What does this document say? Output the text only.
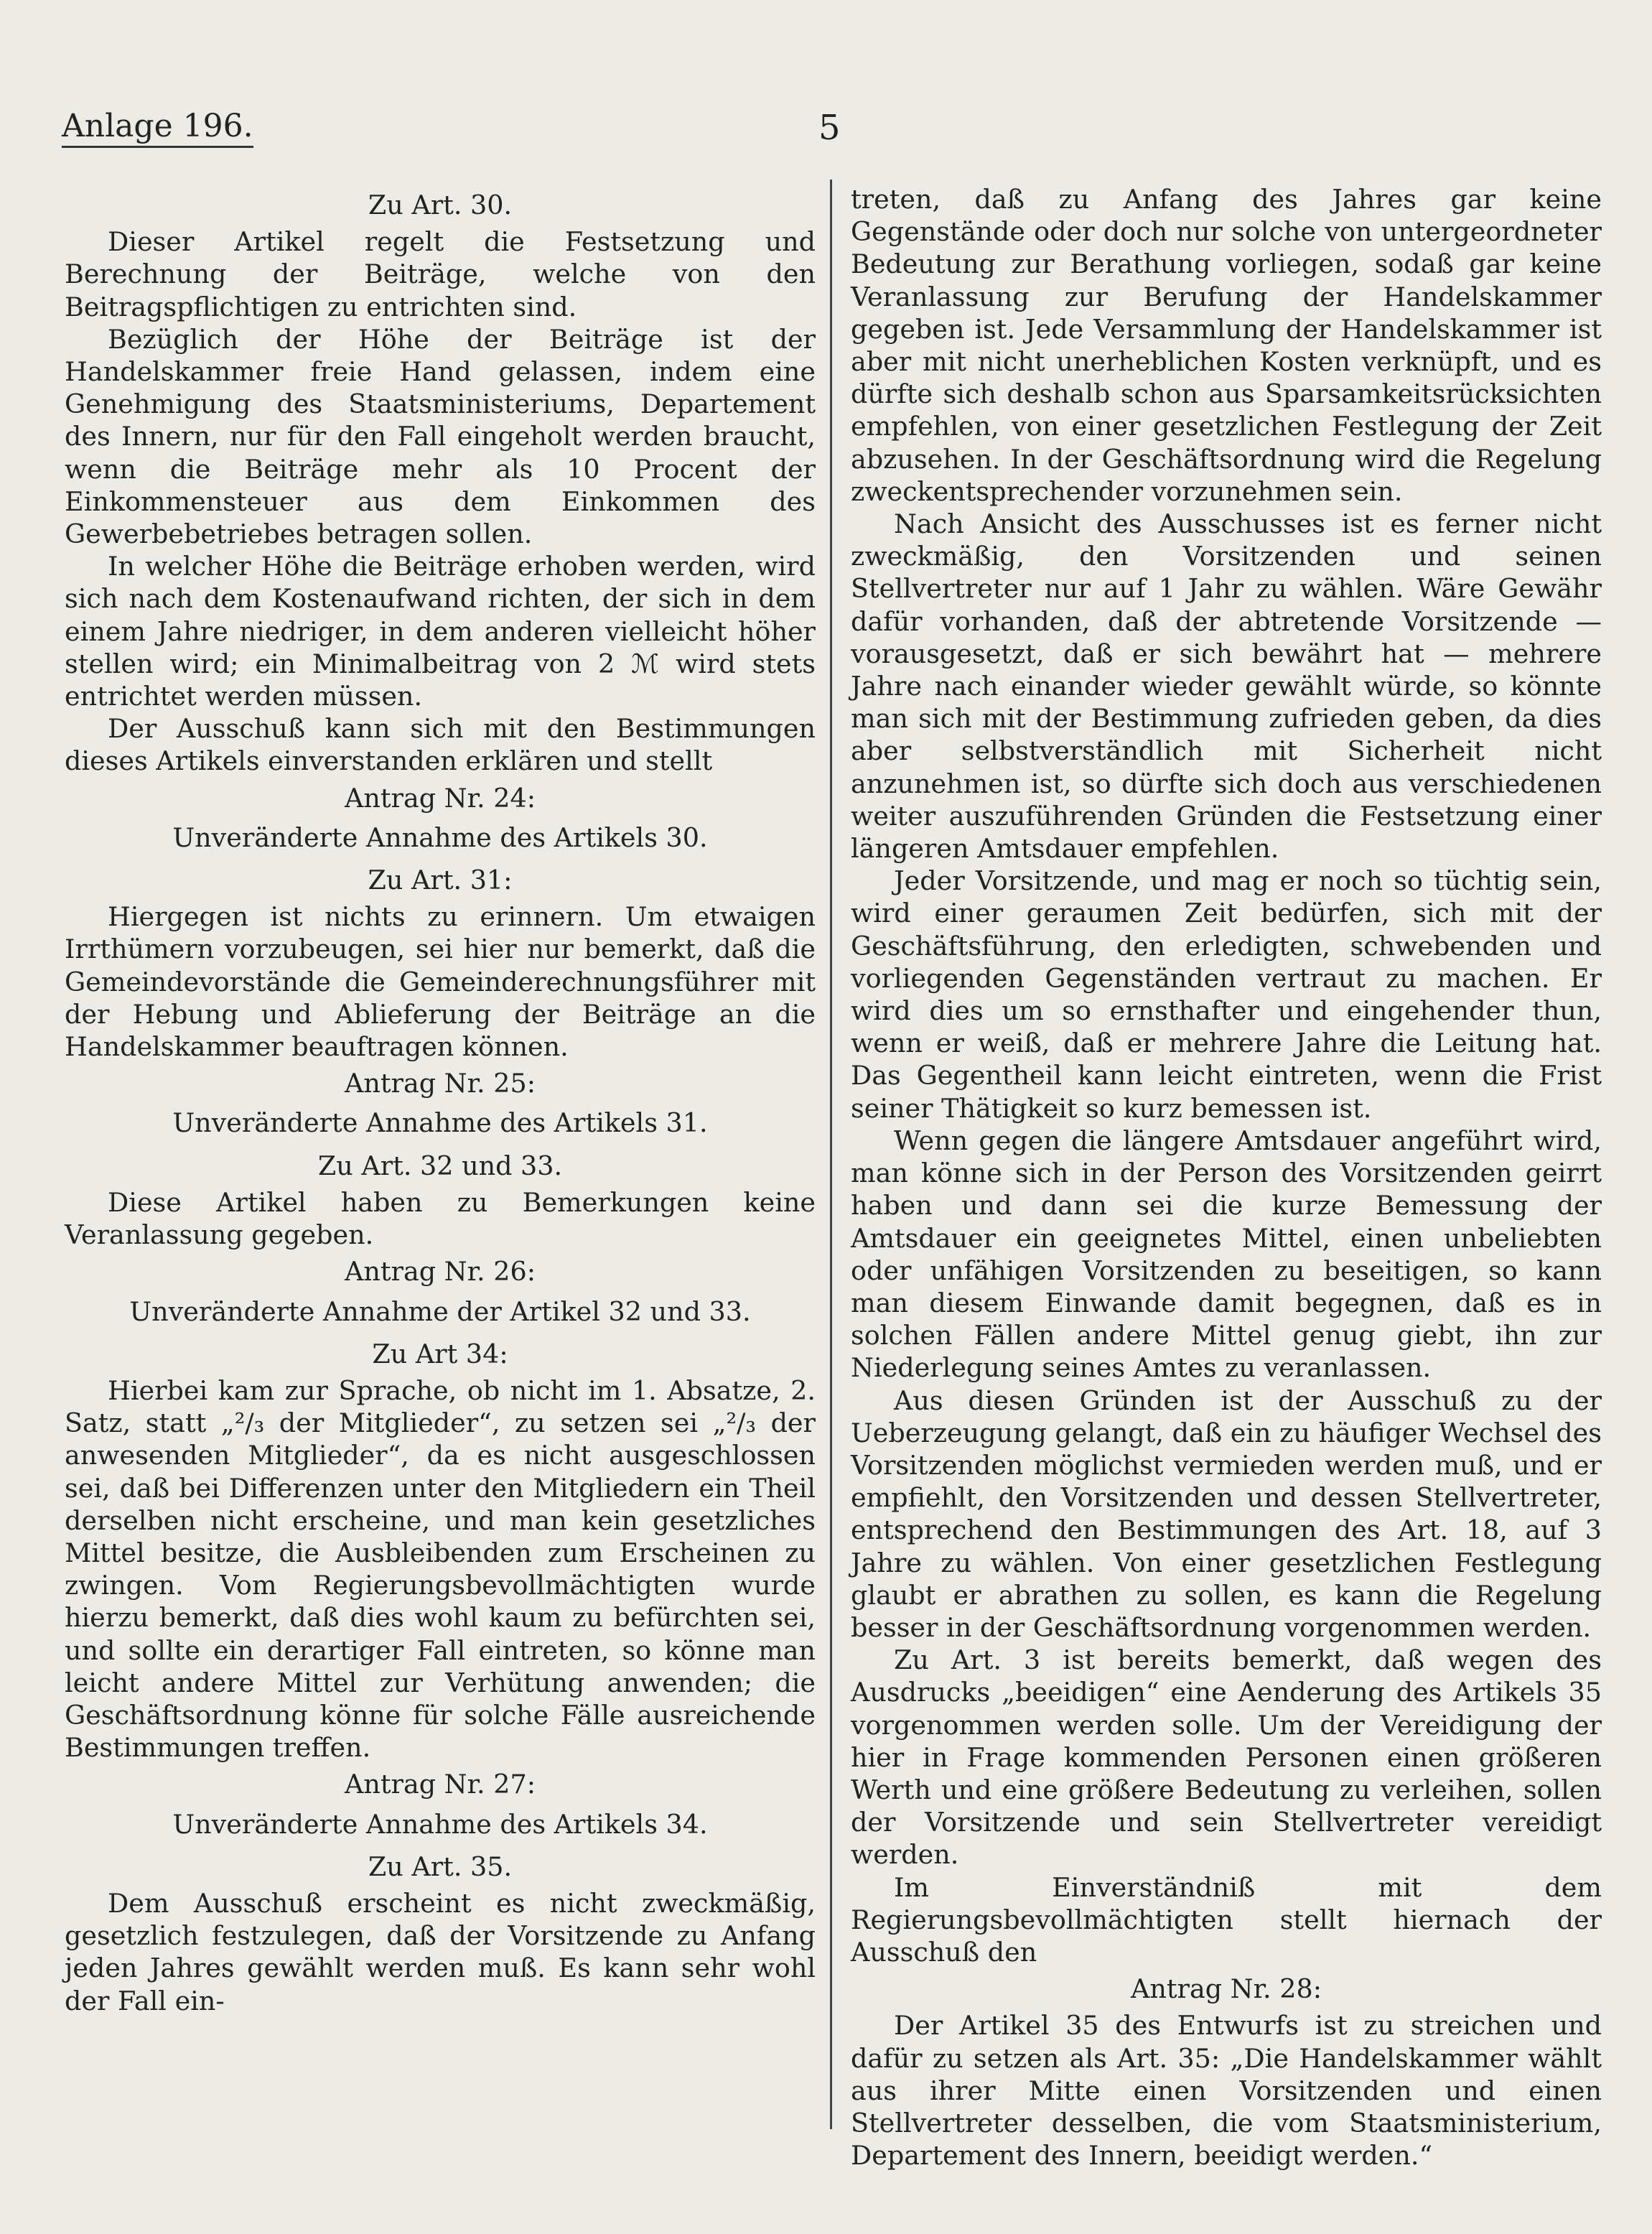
Anlage 196.	5

Zu Art. 30.

Dieser Artikel regelt die Festsetzung und Berechnung der Beiträge, welche von den Beitragspflichtigen zu entrichten sind.

Bezüglich der Höhe der Beiträge ist der Handelskammer freie Hand gelassen, indem eine Genehmigung des Staatsministeriums, Departement des Innern, nur für den Fall eingeholt werden braucht, wenn die Beiträge mehr als 10 Procent der Einkommensteuer aus dem Einkommen des Gewerbebetriebes betragen sollen.

In welcher Höhe die Beiträge erhoben werden, wird sich nach dem Kostenaufwand richten, der sich in dem einem Jahre niedriger, in dem anderen vielleicht höher stellen wird; ein Minimalbeitrag von 2 ℳ wird stets entrichtet werden müssen.

Der Ausschuß kann sich mit den Bestimmungen dieses Artikels einverstanden erklären und stellt

Antrag Nr. 24:

Unveränderte Annahme des Artikels 30.

Zu Art. 31:

Hiergegen ist nichts zu erinnern. Um etwaigen Irrthümern vorzubeugen, sei hier nur bemerkt, daß die Gemeindevorstände die Gemeinderechnungsführer mit der Hebung und Ablieferung der Beiträge an die Handelskammer beauftragen können.

Antrag Nr. 25:

Unveränderte Annahme des Artikels 31.

Zu Art. 32 und 33.

Diese Artikel haben zu Bemerkungen keine Veranlassung gegeben.

Antrag Nr. 26:

Unveränderte Annahme der Artikel 32 und 33.

Zu Art 34:

Hierbei kam zur Sprache, ob nicht im 1. Absatze, 2. Satz, statt „²/₃ der Mitglieder“, zu setzen sei „²/₃ der anwesenden Mitglieder“, da es nicht ausgeschlossen sei, daß bei Differenzen unter den Mitgliedern ein Theil derselben nicht erscheine, und man kein gesetzliches Mittel besitze, die Ausbleibenden zum Erscheinen zu zwingen. Vom Regierungsbevollmächtigten wurde hierzu bemerkt, daß dies wohl kaum zu befürchten sei, und sollte ein derartiger Fall eintreten, so könne man leicht andere Mittel zur Verhütung anwenden; die Geschäftsordnung könne für solche Fälle ausreichende Bestimmungen treffen.

Antrag Nr. 27:

Unveränderte Annahme des Artikels 34.

Zu Art. 35.

Dem Ausschuß erscheint es nicht zweckmäßig, gesetzlich festzulegen, daß der Vorsitzende zu Anfang jeden Jahres gewählt werden muß. Es kann sehr wohl der Fall ein-

treten, daß zu Anfang des Jahres gar keine Gegenstände oder doch nur solche von untergeordneter Bedeutung zur Berathung vorliegen, sodaß gar keine Veranlassung zur Berufung der Handelskammer gegeben ist. Jede Versammlung der Handelskammer ist aber mit nicht unerheblichen Kosten verknüpft, und es dürfte sich deshalb schon aus Sparsamkeitsrücksichten empfehlen, von einer gesetzlichen Festlegung der Zeit abzusehen. In der Geschäftsordnung wird die Regelung zweckentsprechender vorzunehmen sein.

Nach Ansicht des Ausschusses ist es ferner nicht zweckmäßig, den Vorsitzenden und seinen Stellvertreter nur auf 1 Jahr zu wählen. Wäre Gewähr dafür vorhanden, daß der abtretende Vorsitzende — vorausgesetzt, daß er sich bewährt hat — mehrere Jahre nach einander wieder gewählt würde, so könnte man sich mit der Bestimmung zufrieden geben, da dies aber selbstverständlich mit Sicherheit nicht anzunehmen ist, so dürfte sich doch aus verschiedenen weiter auszuführenden Gründen die Festsetzung einer längeren Amtsdauer empfehlen.

Jeder Vorsitzende, und mag er noch so tüchtig sein, wird einer geraumen Zeit bedürfen, sich mit der Geschäftsführung, den erledigten, schwebenden und vorliegenden Gegenständen vertraut zu machen. Er wird dies um so ernsthafter und eingehender thun, wenn er weiß, daß er mehrere Jahre die Leitung hat. Das Gegentheil kann leicht eintreten, wenn die Frist seiner Thätigkeit so kurz bemessen ist.

Wenn gegen die längere Amtsdauer angeführt wird, man könne sich in der Person des Vorsitzenden geirrt haben und dann sei die kurze Bemessung der Amtsdauer ein geeignetes Mittel, einen unbeliebten oder unfähigen Vorsitzenden zu beseitigen, so kann man diesem Einwande damit begegnen, daß es in solchen Fällen andere Mittel genug giebt, ihn zur Niederlegung seines Amtes zu veranlassen.

Aus diesen Gründen ist der Ausschuß zu der Ueberzeugung gelangt, daß ein zu häufiger Wechsel des Vorsitzenden möglichst vermieden werden muß, und er empfiehlt, den Vorsitzenden und dessen Stellvertreter, entsprechend den Bestimmungen des Art. 18, auf 3 Jahre zu wählen. Von einer gesetzlichen Festlegung glaubt er abrathen zu sollen, es kann die Regelung besser in der Geschäftsordnung vorgenommen werden.

Zu Art. 3 ist bereits bemerkt, daß wegen des Ausdrucks „beeidigen“ eine Aenderung des Artikels 35 vorgenommen werden solle. Um der Vereidigung der hier in Frage kommenden Personen einen größeren Werth und eine größere Bedeutung zu verleihen, sollen der Vorsitzende und sein Stellvertreter vereidigt werden.

Im Einverständniß mit dem Regierungsbevollmächtigten stellt hiernach der Ausschuß den

Antrag Nr. 28:

Der Artikel 35 des Entwurfs ist zu streichen und dafür zu setzen als Art. 35: „Die Handelskammer wählt aus ihrer Mitte einen Vorsitzenden und einen Stellvertreter desselben, die vom Staatsministerium, Departement des Innern, beeidigt werden.“
